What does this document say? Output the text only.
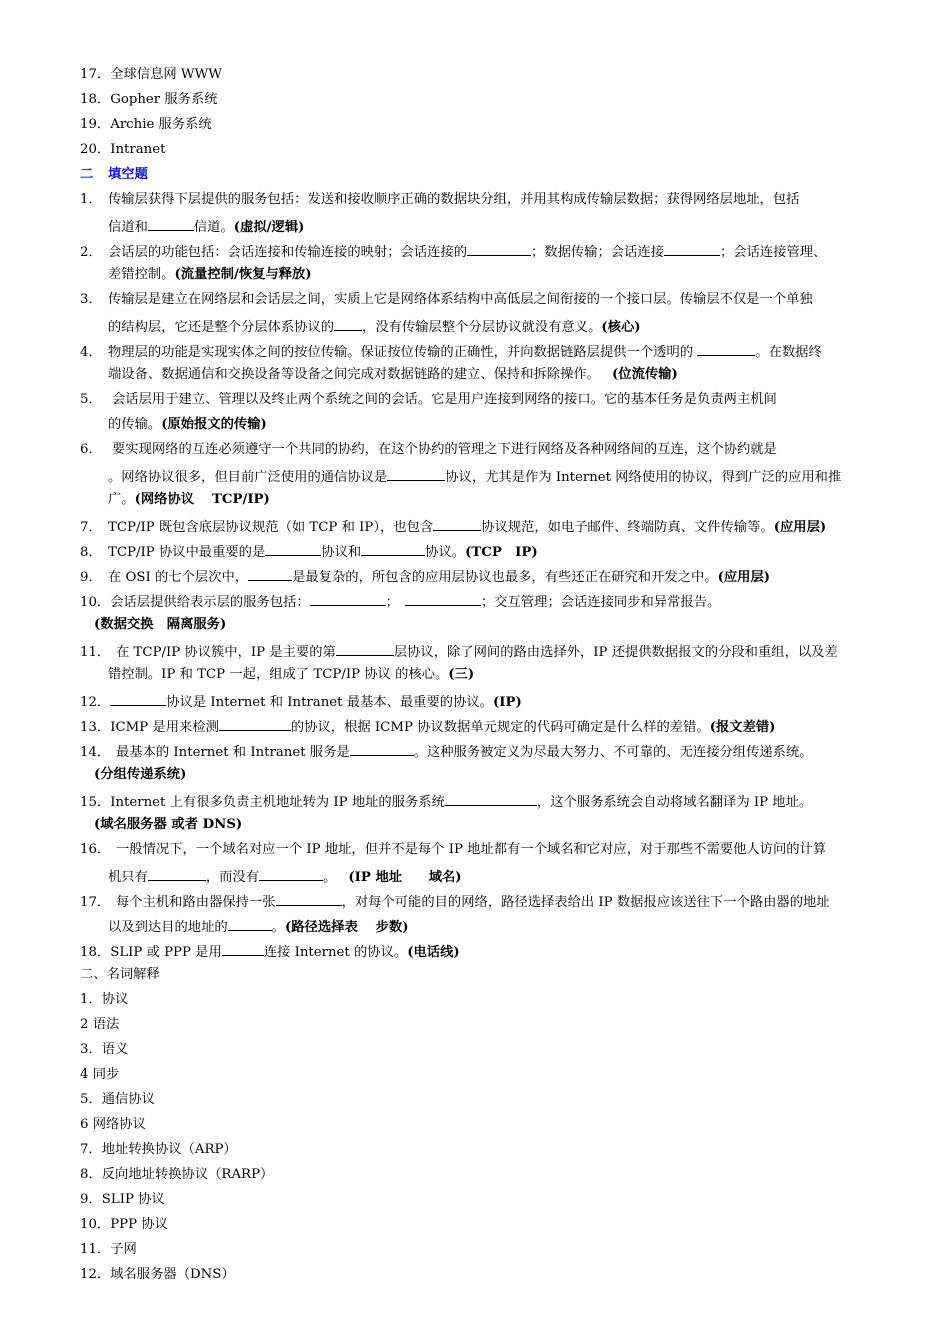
17．全球信息网 WWW
18．Gopher 服务系统
19．Archie 服务系统
20．Intranet
二 填空题
1． 传输层获得下层提供的服务包括：发送和接收顺序正确的数据块分组，并用其构成传输层数据；获得网络层地址，包括
信道和	信道。(虚拟/逻辑)
2． 会话层的功能包括：会话连接和传输连接的映射；会话连接的	；数据传输；会话连接	；会话连接管理、
差错控制。(流量控制/恢复与释放)
3． 传输层是建立在网络层和会话层之间，实质上它是网络体系结构中高低层之间衔接的一个接口层。传输层不仅是一个单独
的结构层，它还是整个分层体系协议的 ，没有传输层整个分层协议就没有意义。(核心)
4． 物理层的功能是实现实体之间的按位传输。保证按位传输的正确性，并向数据链路层提供一个透明的	。在数据终
端设备、数据通信和交换设备等设备之间完成对数据链路的建立、保持和拆除操作。 (位流传输)
5． 会话层用于建立、管理以及终止两个系统之间的会话。它是用户连接到网络的接口。它的基本任务是负责两主机间
的传输。(原始报文的传输)
6． 要实现网络的互连必须遵守一个共同的协约，在这个协约的管理之下进行网络及各种网络间的互连，这个协约就是
。网络协议很多，但目前广泛使用的通信协议是	协议，尤其是作为 Internet 网络使用的协议，得到广泛的应用和推
广。(网络协议　 TCP/IP)
7． TCP/IP 既包含底层协议规范（如 TCP 和 IP），也包含	协议规范，如电子邮件、终端防真、文件传输等。(应用层)
8． TCP/IP 协议中最重要的是	协议和	协议。(TCP　IP)
9． 在 OSI 的七个层次中，	是最复杂的，所包含的应用层协议也最多，有些还正在研究和开发之中。(应用层)
10．会话层提供给表示层的服务包括：	；	；交互管理；会话连接同步和异常报告。
(数据交换　隔离服务)
11． 在 TCP/IP 协议簇中，IP 是主要的第	层协议，除了网间的路由选择外，IP 还提供数据报文的分段和重组，以及差
错控制。IP 和 TCP 一起，组成了 TCP/IP 协议 的核心。(三)
12．	协议是 Internet 和 Intranet 最基本、最重要的协议。(IP)
13．ICMP 是用来检测	的协议，根据 ICMP 协议数据单元规定的代码可确定是什么样的差错。(报文差错)
14． 最基本的 Internet 和 Intranet 服务是	。这种服务被定义为尽最大努力、不可靠的、无连接分组传递系统。
(分组传递系统)
15．Internet 上有很多负责主机地址转为 IP 地址的服务系统	，这个服务系统会自动将域名翻译为 IP 地址。
(域名服务器 或者 DNS)
16． 一般情况下，一个域名对应一个 IP 地址，但并不是每个 IP 地址都有一个域名和它对应，对于那些不需要他人访问的计算
机只有	，而没有	。 (IP 地址　　域名)
17． 每个主机和路由器保持一张	，对每个可能的目的网络，路径选择表给出 IP 数据报应该送往下一个路由器的地址
以及到达目的地址的	。(路径选择表　 步数)
18．SLIP 或 PPP 是用	连接 Internet 的协议。(电话线)
二、名词解释
1．协议
2 语法
3．语义
4 同步
5．通信协议
6 网络协议
7．地址转换协议（ARP）
8．反向地址转换协议（RARP）
9．SLIP 协议
10．PPP 协议
11．子网
12．域名服务器（DNS）
